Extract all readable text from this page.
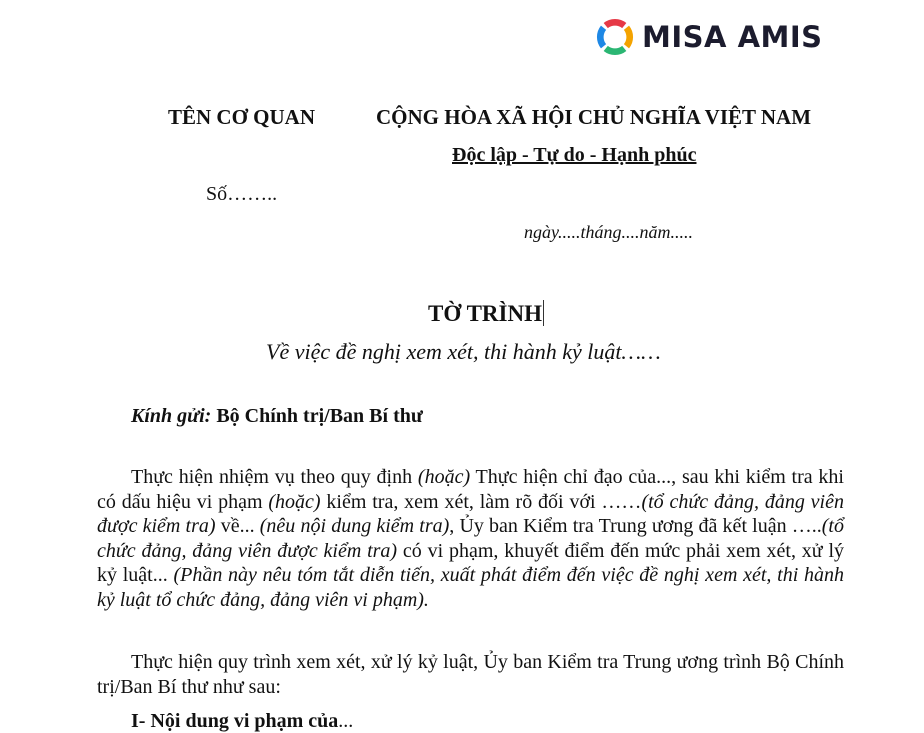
MISA AMIS
TÊN CƠ QUAN	CỘNG HÒA XÃ HỘI CHỦ NGHĨA VIỆT NAM
Độc lập - Tự do - Hạnh phúc
Số……..
ngày.....tháng....năm.....
TỜ TRÌNH
Về việc đề nghị xem xét, thi hành kỷ luật……
Kính gửi: Bộ Chính trị/Ban Bí thư

Thực hiện nhiệm vụ theo quy định (hoặc) Thực hiện chỉ đạo của..., sau khi kiểm tra khi có dấu hiệu vi phạm (hoặc) kiểm tra, xem xét, làm rõ đối với ……(tổ chức đảng, đảng viên được kiểm tra) về... (nêu nội dung kiểm tra), Ủy ban Kiểm tra Trung ương đã kết luận …..(tổ chức đảng, đảng viên được kiểm tra) có vi phạm, khuyết điểm đến mức phải xem xét, xử lý kỷ luật... (Phần này nêu tóm tắt diễn tiến, xuất phát điểm đến việc đề nghị xem xét, thi hành kỷ luật tổ chức đảng, đảng viên vi phạm).

Thực hiện quy trình xem xét, xử lý kỷ luật, Ủy ban Kiểm tra Trung ương trình Bộ Chính trị/Ban Bí thư như sau:

I- Nội dung vi phạm của...
